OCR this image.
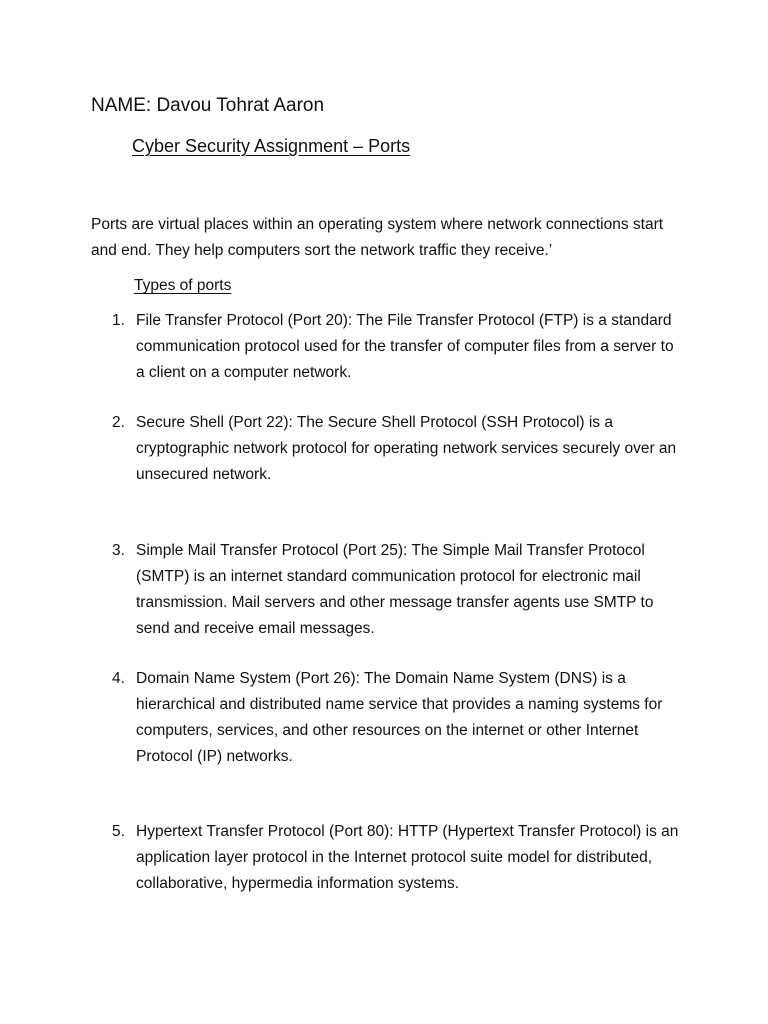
NAME: Davou Tohrat Aaron
Cyber Security Assignment – Ports
Ports are virtual places within an operating system where network connections start and end. They help computers sort the network traffic they receive.’
Types of ports
1. File Transfer Protocol (Port 20): The File Transfer Protocol (FTP) is a standard communication protocol used for the transfer of computer files from a server to a client on a computer network.
2. Secure Shell (Port 22): The Secure Shell Protocol (SSH Protocol) is a cryptographic network protocol for operating network services securely over an unsecured network.
3. Simple Mail Transfer Protocol (Port 25): The Simple Mail Transfer Protocol (SMTP) is an internet standard communication protocol for electronic mail transmission. Mail servers and other message transfer agents use SMTP to send and receive email messages.
4. Domain Name System (Port 26): The Domain Name System (DNS) is a hierarchical and distributed name service that provides a naming systems for computers, services, and other resources on the internet or other Internet Protocol (IP) networks.
5. Hypertext Transfer Protocol (Port 80): HTTP (Hypertext Transfer Protocol) is an application layer protocol in the Internet protocol suite model for distributed, collaborative, hypermedia information systems.
